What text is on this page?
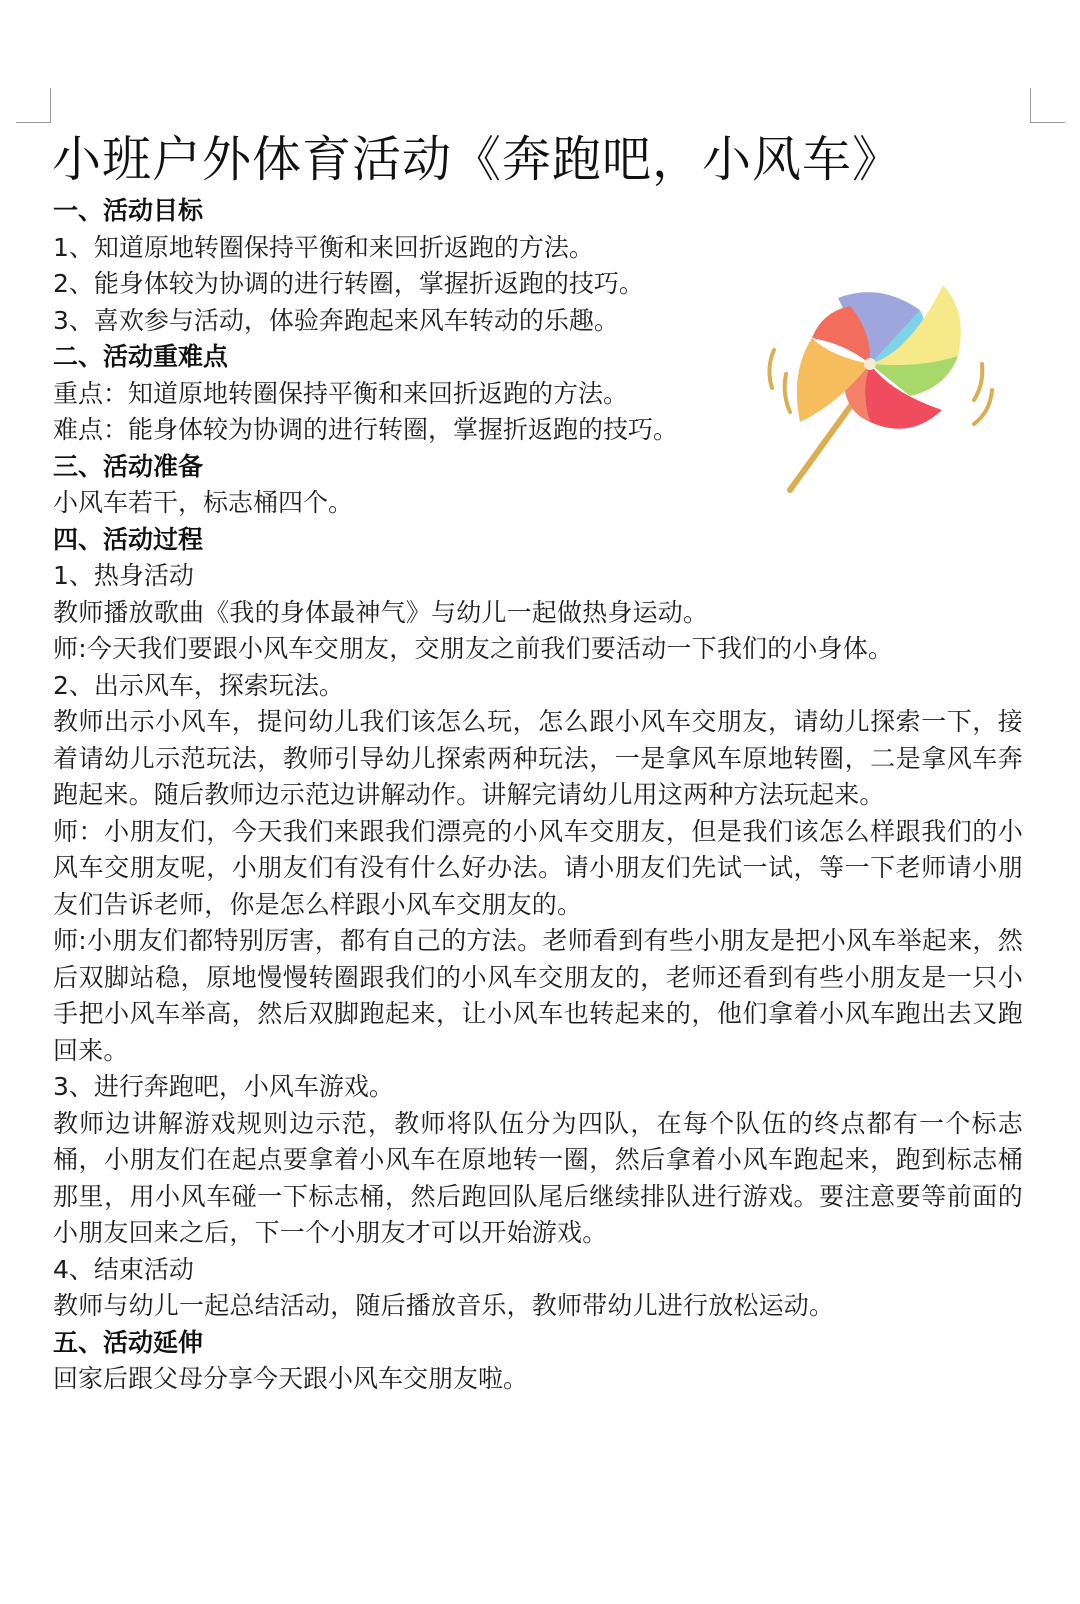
小班户外体育活动《奔跑吧，小风车》
一、活动目标
1、知道原地转圈保持平衡和来回折返跑的方法。
2、能身体较为协调的进行转圈，掌握折返跑的技巧。
3、喜欢参与活动，体验奔跑起来风车转动的乐趣。
二、活动重难点
重点：知道原地转圈保持平衡和来回折返跑的方法。
难点：能身体较为协调的进行转圈，掌握折返跑的技巧。
三、活动准备
小风车若干，标志桶四个。
四、活动过程
1、热身活动
教师播放歌曲《我的身体最神气》与幼儿一起做热身运动。
师:今天我们要跟小风车交朋友，交朋友之前我们要活动一下我们的小身体。
2、出示风车，探索玩法。
教师出示小风车，提问幼儿我们该怎么玩，怎么跟小风车交朋友，请幼儿探索一下，接着请幼儿示范玩法，教师引导幼儿探索两种玩法，一是拿风车原地转圈，二是拿风车奔跑起来。随后教师边示范边讲解动作。讲解完请幼儿用这两种方法玩起来。
师：小朋友们，今天我们来跟我们漂亮的小风车交朋友，但是我们该怎么样跟我们的小风车交朋友呢，小朋友们有没有什么好办法。请小朋友们先试一试，等一下老师请小朋友们告诉老师，你是怎么样跟小风车交朋友的。
师:小朋友们都特别厉害，都有自己的方法。老师看到有些小朋友是把小风车举起来，然后双脚站稳，原地慢慢转圈跟我们的小风车交朋友的，老师还看到有些小朋友是一只小手把小风车举高，然后双脚跑起来，让小风车也转起来的，他们拿着小风车跑出去又跑回来。
3、进行奔跑吧，小风车游戏。
教师边讲解游戏规则边示范，教师将队伍分为四队，在每个队伍的终点都有一个标志桶，小朋友们在起点要拿着小风车在原地转一圈，然后拿着小风车跑起来，跑到标志桶那里，用小风车碰一下标志桶，然后跑回队尾后继续排队进行游戏。要注意要等前面的小朋友回来之后，下一个小朋友才可以开始游戏。
4、结束活动
教师与幼儿一起总结活动，随后播放音乐，教师带幼儿进行放松运动。
五、活动延伸
回家后跟父母分享今天跟小风车交朋友啦。
